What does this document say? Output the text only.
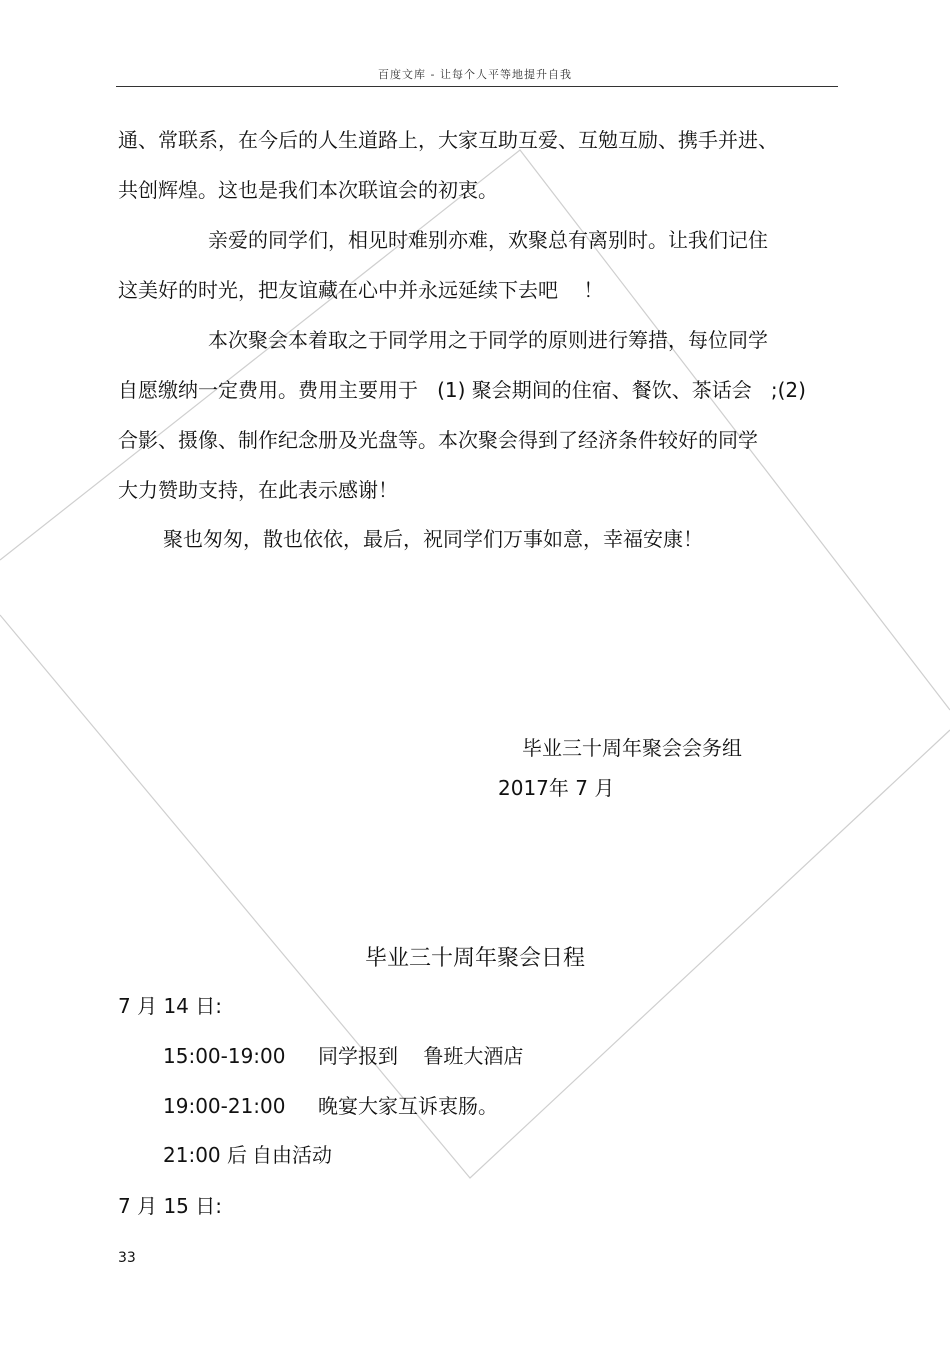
百度文库 - 让每个人平等地提升自我
通、常联系，在今后的人生道路上，大家互助互爱、互勉互励、携手并进、
共创辉煌。这也是我们本次联谊会的初衷。
亲爱的同学们，相见时难别亦难，欢聚总有离别时。让我们记住
这美好的时光，把友谊藏在心中并永远延续下去吧    ！
本次聚会本着取之于同学用之于同学的原则进行筹措，每位同学
自愿缴纳一定费用。费用主要用于   (1) 聚会期间的住宿、餐饮、茶话会   ;(2)
合影、摄像、制作纪念册及光盘等。本次聚会得到了经济条件较好的同学
大力赞助支持，在此表示感谢！
聚也匆匆，散也依依，最后，祝同学们万事如意，幸福安康！
毕业三十周年聚会会务组
2017年 7 月
毕业三十周年聚会日程
7 月 14 日:
15:00-19:00 同学报到    鲁班大酒店
19:00-21:00 晚宴大家互诉衷肠。
21:00 后 自由活动
7 月 15 日:
33
